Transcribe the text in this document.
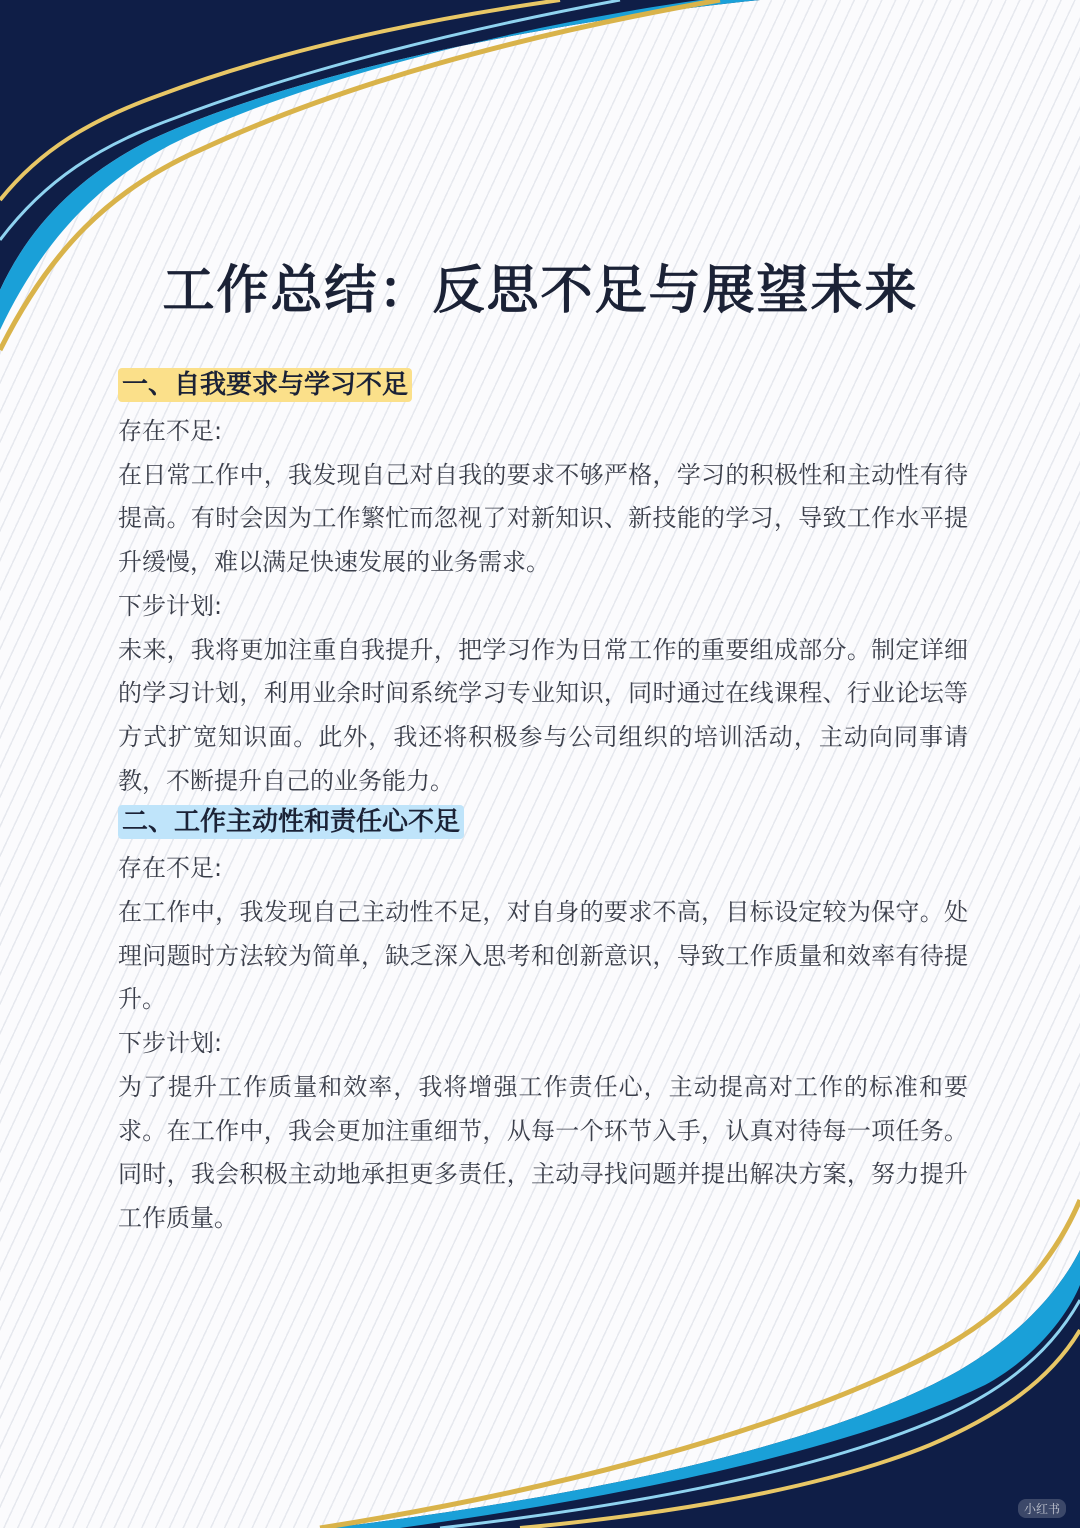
工作总结：反思不足与展望未来

一、自我要求与学习不足

存在不足:

在日常工作中，我发现自己对自我的要求不够严格，学习的积极性和主动性有待提高。有时会因为工作繁忙而忽视了对新知识、新技能的学习，导致工作水平提升缓慢，难以满足快速发展的业务需求。

下步计划:

未来，我将更加注重自我提升，把学习作为日常工作的重要组成部分。制定详细的学习计划，利用业余时间系统学习专业知识，同时通过在线课程、行业论坛等方式扩宽知识面。此外，我还将积极参与公司组织的培训活动，主动向同事请教，不断提升自己的业务能力。

二、工作主动性和责任心不足

存在不足:

在工作中，我发现自己主动性不足，对自身的要求不高，目标设定较为保守。处理问题时方法较为简单，缺乏深入思考和创新意识，导致工作质量和效率有待提升。

下步计划:

为了提升工作质量和效率，我将增强工作责任心，主动提高对工作的标准和要求。在工作中，我会更加注重细节，从每一个环节入手，认真对待每一项任务。同时，我会积极主动地承担更多责任，主动寻找问题并提出解决方案，努力提升工作质量。

小红书
